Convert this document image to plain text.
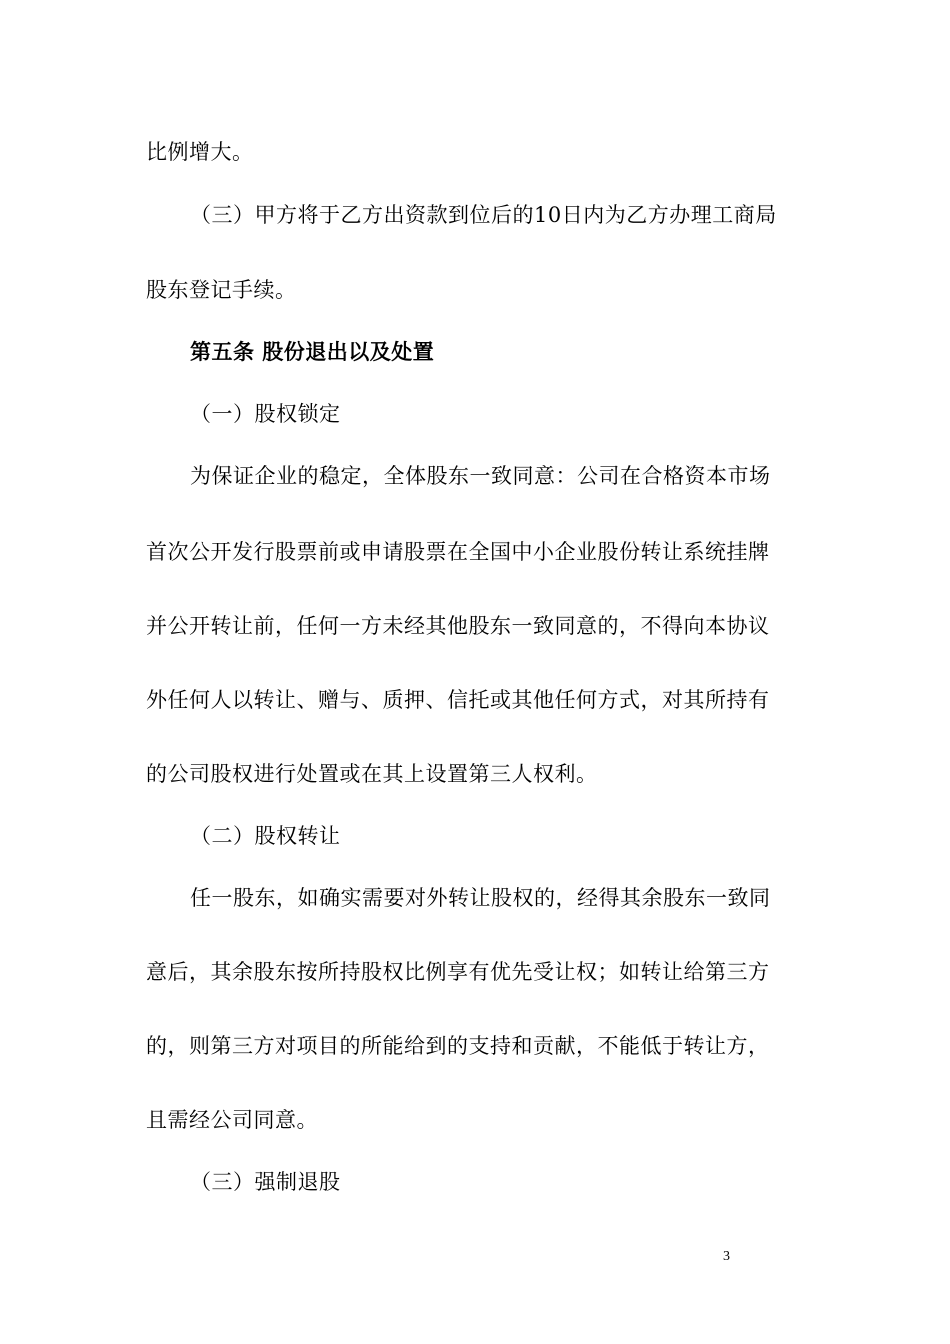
比例增大。
（三）甲方将于乙方出资款到位后的10日内为乙方办理工商局
股东登记手续。
第五条 股份退出以及处置
（一）股权锁定
为保证企业的稳定，全体股东一致同意：公司在合格资本市场
首次公开发行股票前或申请股票在全国中小企业股份转让系统挂牌
并公开转让前，任何一方未经其他股东一致同意的，不得向本协议
外任何人以转让、赠与、质押、信托或其他任何方式，对其所持有
的公司股权进行处置或在其上设置第三人权利。
（二）股权转让
任一股东，如确实需要对外转让股权的，经得其余股东一致同
意后，其余股东按所持股权比例享有优先受让权；如转让给第三方
的，则第三方对项目的所能给到的支持和贡献，不能低于转让方，
且需经公司同意。
（三）强制退股
3
